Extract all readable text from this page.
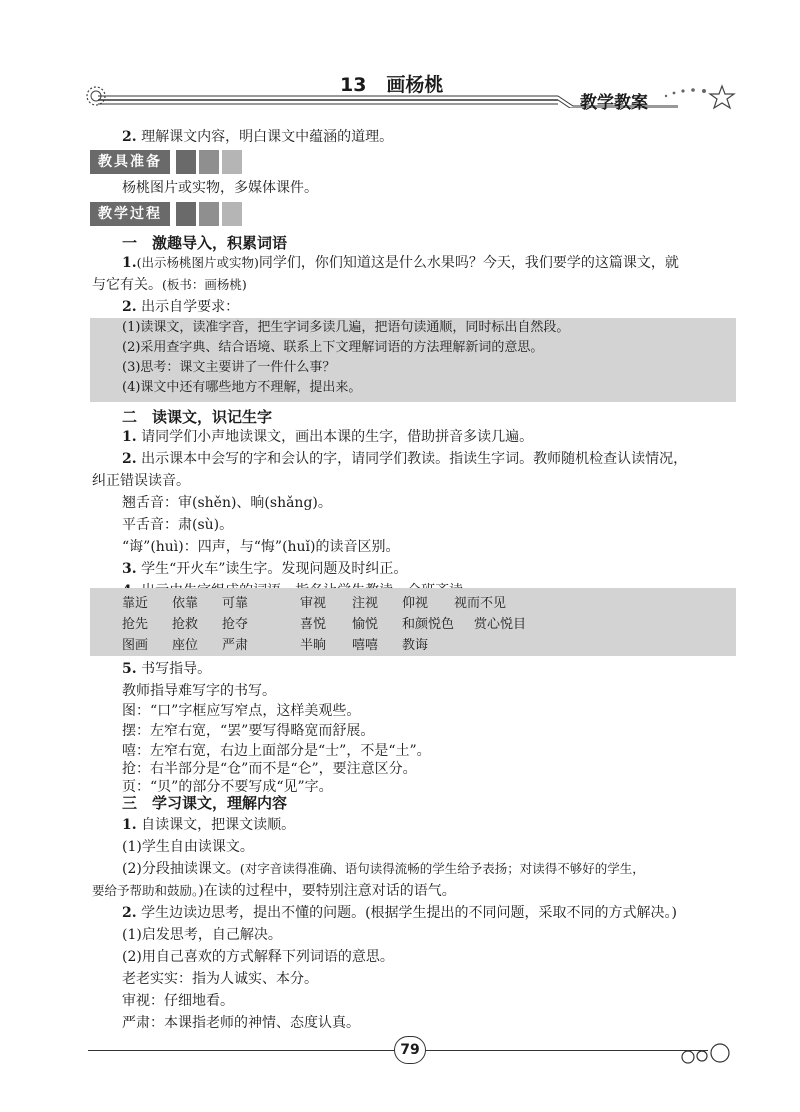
13 画杨桃
教学教案
2. 理解课文内容，明白课文中蕴涵的道理。
教具准备
杨桃图片或实物，多媒体课件。
教学过程
一　激趣导入，积累词语
1.(出示杨桃图片或实物)同学们，你们知道这是什么水果吗？今天，我们要学的这篇课文，就
与它有关。(板书：画杨桃)
2. 出示自学要求：
(1)读课文，读准字音，把生字词多读几遍，把语句读通顺，同时标出自然段。
(2)采用查字典、结合语境、联系上下文理解词语的方法理解新词的意思。
(3)思考：课文主要讲了一件什么事？
(4)课文中还有哪些地方不理解，提出来。
二　读课文，识记生字
1. 请同学们小声地读课文，画出本课的生字，借助拼音多读几遍。
2. 出示课本中会写的字和会认的字，请同学们教读。指读生字词。教师随机检查认读情况，
纠正错误读音。
翘舌音：审(shěn)、晌(shǎng)。
平舌音：肃(sù)。
“诲”(huì)：四声，与“悔”(huǐ)的读音区别。
3. 学生“开火车”读生字。发现问题及时纠正。
靠近 依靠 可靠	审视 注视 仰视 视而不见
抢先 抢救 抢夺	喜悦 愉悦 和颜悦色 赏心悦目
图画 座位 严肃	半晌 嘻嘻 教诲
5. 书写指导。
教师指导难写字的书写。
图：“口”字框应写窄点，这样美观些。
摆：左窄右宽，“罢”要写得略宽而舒展。
嘻：左窄右宽，右边上面部分是“士”，不是“土”。
抢：右半部分是“仓”而不是“仑”，要注意区分。
页：“贝”的部分不要写成“见”字。
三　学习课文，理解内容
1. 自读课文，把课文读顺。
(1)学生自由读课文。
(2)分段抽读课文。(对字音读得准确、语句读得流畅的学生给予表扬；对读得不够好的学生，
要给予帮助和鼓励。)在读的过程中，要特别注意对话的语气。
2. 学生边读边思考，提出不懂的问题。(根据学生提出的不同问题，采取不同的方式解决。)
(1)启发思考，自己解决。
(2)用自己喜欢的方式解释下列词语的意思。
老老实实：指为人诚实、本分。
审视：仔细地看。
严肃：本课指老师的神情、态度认真。
79
